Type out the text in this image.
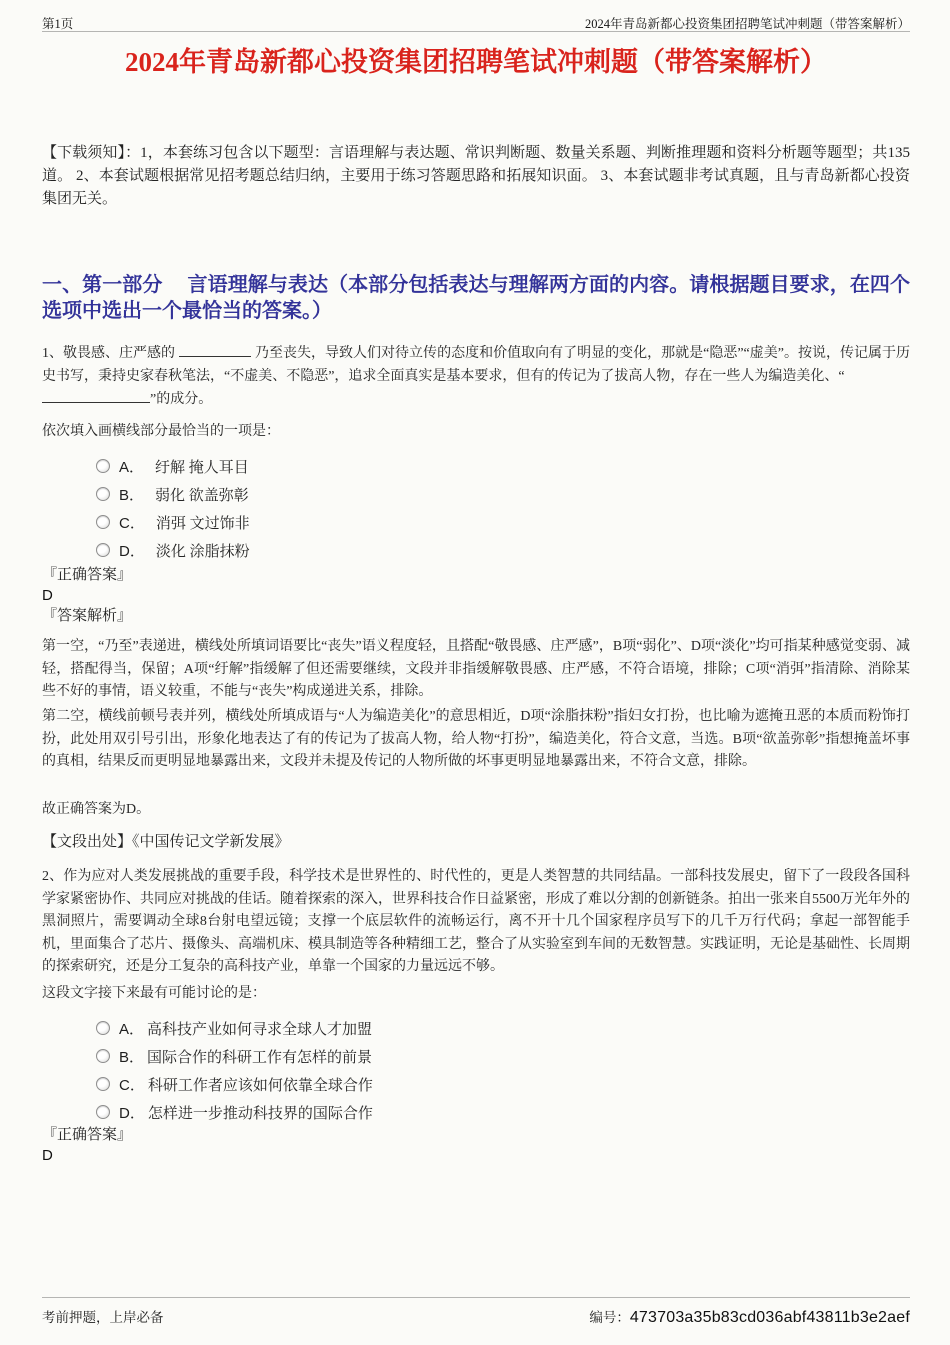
第1页	2024年青岛新都心投资集团招聘笔试冲刺题（带答案解析）
2024年青岛新都心投资集团招聘笔试冲刺题（带答案解析）
【下载须知】：1，本套练习包含以下题型：言语理解与表达题、常识判断题、数量关系题、判断推理题和资料分析题等题型；共135道。 2、本套试题根据常见招考题总结归纳，主要用于练习答题思路和拓展知识面。 3、本套试题非考试真题，且与青岛新都心投资集团无关。
一、第一部分　 言语理解与表达（本部分包括表达与理解两方面的内容。请根据题目要求，在四个选项中选出一个最恰当的答案。）
1、敬畏感、庄严感的	乃至丧失，导致人们对待立传的态度和价值取向有了明显的变化，那就是“隐恶”“虚美”。按说，传记属于历史书写，秉持史家春秋笔法，“不虚美、不隐恶”，追求全面真实是基本要求，但有的传记为了拔高人物，存在一些人为编造美化、“
”的成分。
依次填入画横线部分最恰当的一项是：
A． 纡解 掩人耳目
B． 弱化 欲盖弥彰
C． 消弭 文过饰非
D． 淡化 涂脂抹粉
『正确答案』
D
『答案解析』
第一空，“乃至”表递进，横线处所填词语要比“丧失”语义程度轻，且搭配“敬畏感、庄严感”，B项“弱化”、D项“淡化”均可指某种感觉变弱、减轻，搭配得当，保留；A项“纡解”指缓解了但还需要继续，文段并非指缓解敬畏感、庄严感，不符合语境，排除；C项“消弭”指清除、消除某些不好的事情，语义较重，不能与“丧失”构成递进关系，排除。
第二空，横线前顿号表并列，横线处所填成语与“人为编造美化”的意思相近，D项“涂脂抹粉”指妇女打扮，也比喻为遮掩丑恶的本质而粉饰打扮，此处用双引号引出，形象化地表达了有的传记为了拔高人物，给人物“打扮”，编造美化，符合文意，当选。B项“欲盖弥彰”指想掩盖坏事的真相，结果反而更明显地暴露出来，文段并未提及传记的人物所做的坏事更明显地暴露出来，不符合文意，排除。
故正确答案为D。
【文段出处】《中国传记文学新发展》
2、作为应对人类发展挑战的重要手段，科学技术是世界性的、时代性的，更是人类智慧的共同结晶。一部科技发展史，留下了一段段各国科学家紧密协作、共同应对挑战的佳话。随着探索的深入，世界科技合作日益紧密，形成了难以分割的创新链条。拍出一张来自5500万光年外的黑洞照片，需要调动全球8台射电望远镜；支撑一个底层软件的流畅运行，离不开十几个国家程序员写下的几千万行代码；拿起一部智能手机，里面集合了芯片、摄像头、高端机床、模具制造等各种精细工艺，整合了从实验室到车间的无数智慧。实践证明，无论是基础性、长周期的探索研究，还是分工复杂的高科技产业，单靠一个国家的力量远远不够。
这段文字接下来最有可能讨论的是：
A． 高科技产业如何寻求全球人才加盟
B． 国际合作的科研工作有怎样的前景
C． 科研工作者应该如何依靠全球合作
D． 怎样进一步推动科技界的国际合作
『正确答案』
D
考前押题，上岸必备	编号： 473703a35b83cd036abf43811b3e2aef
